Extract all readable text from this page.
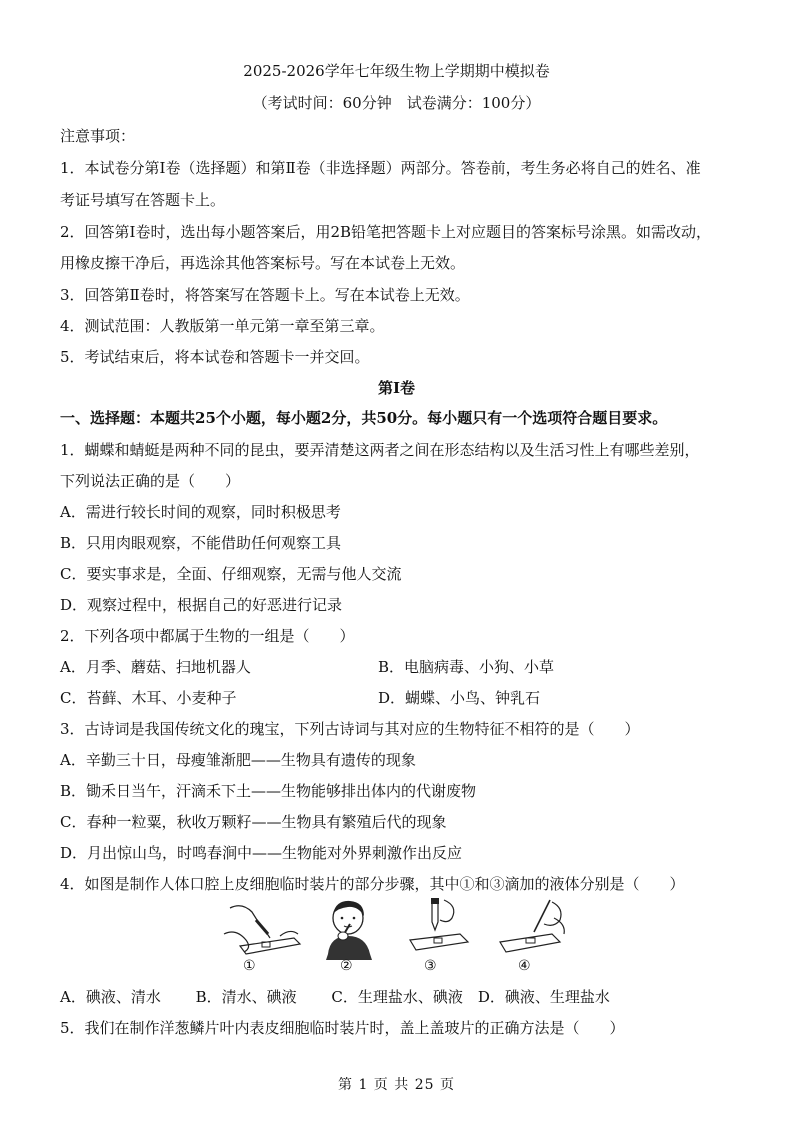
2025-2026学年七年级生物上学期期中模拟卷
（考试时间：60分钟　试卷满分：100分）
注意事项：
1．本试卷分第Ⅰ卷（选择题）和第Ⅱ卷（非选择题）两部分。答卷前，考生务必将自己的姓名、准
考证号填写在答题卡上。
2．回答第Ⅰ卷时，选出每小题答案后，用2B铅笔把答题卡上对应题目的答案标号涂黑。如需改动，
用橡皮擦干净后，再选涂其他答案标号。写在本试卷上无效。
3．回答第Ⅱ卷时，将答案写在答题卡上。写在本试卷上无效。
4．测试范围：人教版第一单元第一章至第三章。
5．考试结束后，将本试卷和答题卡一并交回。
第Ⅰ卷
一、选择题：本题共25个小题，每小题2分，共50分。每小题只有一个选项符合题目要求。
1．蝴蝶和蜻蜓是两种不同的昆虫，要弄清楚这两者之间在形态结构以及生活习性上有哪些差别，
下列说法正确的是（　　）
A．需进行较长时间的观察，同时积极思考
B．只用肉眼观察，不能借助任何观察工具
C．要实事求是，全面、仔细观察，无需与他人交流
D．观察过程中，根据自己的好恶进行记录
2．下列各项中都属于生物的一组是（　　）
A．月季、蘑菇、扫地机器人	B．电脑病毒、小狗、小草
C．苔藓、木耳、小麦种子	D．蝴蝶、小鸟、钟乳石
3．古诗词是我国传统文化的瑰宝，下列古诗词与其对应的生物特征不相符的是（　　）
A．辛勤三十日，母瘦雏渐肥——生物具有遗传的现象
B．锄禾日当午，汗滴禾下土——生物能够排出体内的代谢废物
C．春种一粒粟，秋收万颗籽——生物具有繁殖后代的现象
D．月出惊山鸟，时鸣春涧中——生物能对外界刺激作出反应
4．如图是制作人体口腔上皮细胞临时装片的部分步骤，其中①和③滴加的液体分别是（　　）
①	②	③	④
A．碘液、清水　　 B．清水、碘液　　 C．生理盐水、碘液　D．碘液、生理盐水
5．我们在制作洋葱鳞片叶内表皮细胞临时装片时，盖上盖玻片的正确方法是（　　）
第 1 页 共 25 页
